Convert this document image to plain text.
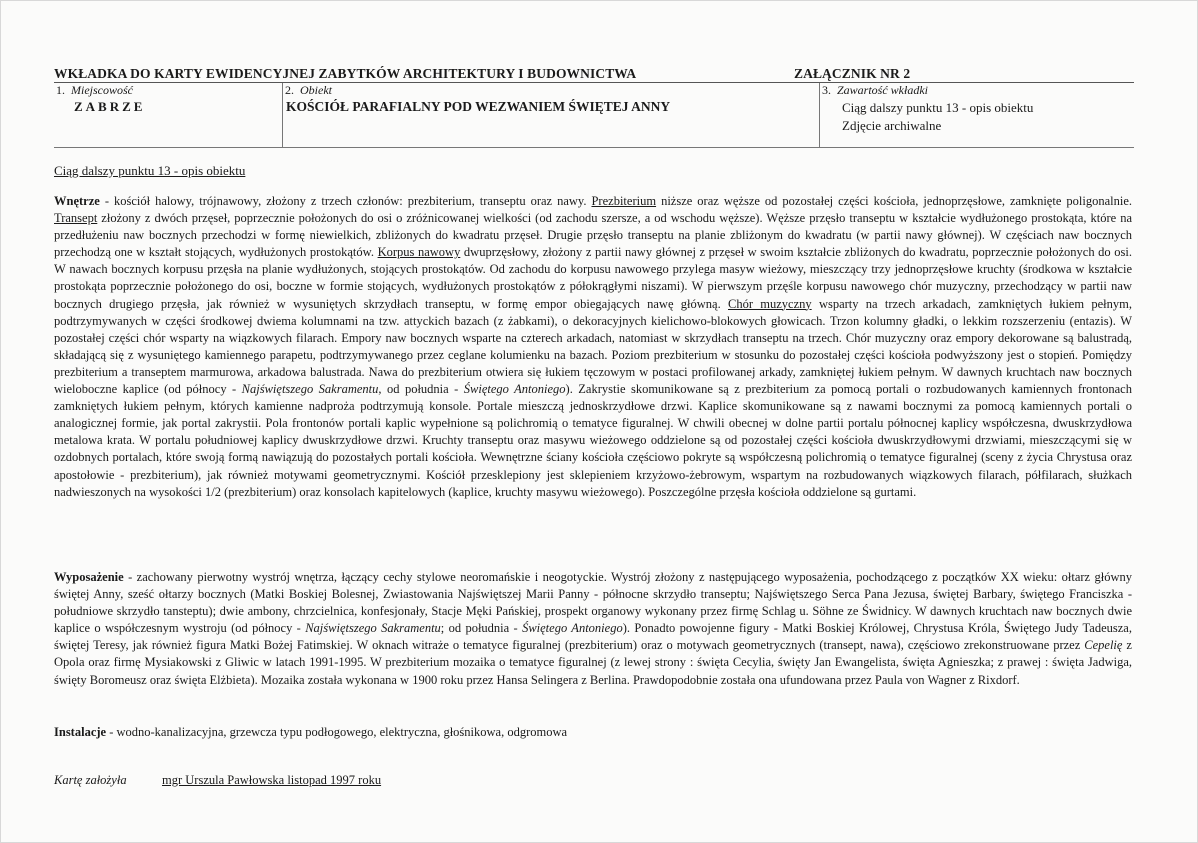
WKŁADKA DO KARTY EWIDENCYJNEJ ZABYTKÓW ARCHITEKTURY I BUDOWNICTWA	ZAŁĄCZNIK NR 2
1. Miejscowość
ZABRZE
2. Obiekt
KOŚCIÓŁ PARAFIALNY POD WEZWANIEM ŚWIĘTEJ ANNY
3. Zawartość wkładki
Ciąg dalszy punktu 13 - opis obiektu
Zdjęcie archiwalne
Ciąg dalszy punktu 13 - opis obiektu
Wnętrze - kościół halowy, trójnawowy, złożony z trzech członów: prezbiterium, transeptu oraz nawy. Prezbiterium niższe oraz węższe od pozostałej części kościoła, jednoprzęsłowe, zamknięte poligonalnie. Transept złożony z dwóch przęseł, poprzecznie położonych do osi o zróżnicowanej wielkości (od zachodu szersze, a od wschodu węższe). Węższe przęsło transeptu w kształcie wydłużonego prostokąta, które na przedłużeniu naw bocznych przechodzi w formę niewielkich, zbliżonych do kwadratu przęseł. Drugie przęsło transeptu na planie zbliżonym do kwadratu (w partii nawy głównej). W częściach naw bocznych przechodzą one w kształt stojących, wydłużonych prostokątów. Korpus nawowy dwuprzęsłowy, złożony z partii nawy głównej z przęseł w swoim kształcie zbliżonych do kwadratu, poprzecznie położonych do osi. W nawach bocznych korpusu przęsła na planie wydłużonych, stojących prostokątów. Od zachodu do korpusu nawowego przylega masyw wieżowy, mieszczący trzy jednoprzęsłowe kruchty (środkowa w kształcie prostokąta poprzecznie położonego do osi, boczne w formie stojących, wydłużonych prostokątów z półokrągłymi niszami). W pierwszym przęśle korpusu nawowego chór muzyczny, przechodzący w partii naw bocznych drugiego przęsła, jak również w wysuniętych skrzydłach transeptu, w formę empor obiegających nawę główną. Chór muzyczny wsparty na trzech arkadach, zamkniętych łukiem pełnym, podtrzymywanych w części środkowej dwiema kolumnami na tzw. attyckich bazach (z żabkami), o dekoracyjnych kielichowo-blokowych głowicach. Trzon kolumny gładki, o lekkim rozszerzeniu (entazis). W pozostałej części chór wsparty na wiązkowych filarach. Empory naw bocznych wsparte na czterech arkadach, natomiast w skrzydłach transeptu na trzech. Chór muzyczny oraz empory dekorowane są balustradą, składającą się z wysuniętego kamiennego parapetu, podtrzymywanego przez ceglane kolumienku na bazach. Poziom prezbiterium w stosunku do pozostałej części kościoła podwyższony jest o stopień. Pomiędzy prezbiterium a transeptem marmurowa, arkadowa balustrada. Nawa do prezbiterium otwiera się łukiem tęczowym w postaci profilowanej arkady, zamkniętej łukiem pełnym. W dawnych kruchtach naw bocznych wieloboczne kaplice (od północy - Najświętszego Sakramentu, od południa - Świętego Antoniego). Zakrystie skomunikowane są z prezbiterium za pomocą portali o rozbudowanych kamiennych frontonach zamkniętych łukiem pełnym, których kamienne nadproża podtrzymują konsole. Portale mieszczą jednoskrzydłowe drzwi. Kaplice skomunikowane są z nawami bocznymi za pomocą kamiennych portali o analogicznej formie, jak portal zakrystii. Pola frontonów portali kaplic wypełnione są polichromią o tematyce figuralnej. W chwili obecnej w dolne partii portalu północnej kaplicy współczesna, dwuskrzydłowa metalowa krata. W portalu południowej kaplicy dwuskrzydłowe drzwi. Kruchty transeptu oraz masywu wieżowego oddzielone są od pozostałej części kościoła dwuskrzydłowymi drzwiami, mieszczącymi się w ozdobnych portalach, które swoją formą nawiązują do pozostałych portali kościoła. Wewnętrzne ściany kościoła częściowo pokryte są współczesną polichromią o tematyce figuralnej (sceny z życia Chrystusa oraz apostołowie - prezbiterium), jak również motywami geometrycznymi. Kościół przesklepiony jest sklepieniem krzyżowo-żebrowym, wspartym na rozbudowanych wiązkowych filarach, półfilarach, służkach nadwieszonych na wysokości 1/2 (prezbiterium) oraz konsolach kapitelowych (kaplice, kruchty masywu wieżowego). Poszczególne przęsła kościoła oddzielone są gurtami.
Wyposażenie - zachowany pierwotny wystrój wnętrza, łączący cechy stylowe neoromańskie i neogotyckie. Wystrój złożony z następującego wyposażenia, pochodzącego z początków XX wieku: ołtarz główny świętej Anny, sześć ołtarzy bocznych (Matki Boskiej Bolesnej, Zwiastowania Najświętszej Marii Panny - północne skrzydło transeptu; Najświętszego Serca Pana Jezusa, świętej Barbary, świętego Franciszka - południowe skrzydło tansteptu); dwie ambony, chrzcielnica, konfesjonały, Stacje Męki Pańskiej, prospekt organowy wykonany przez firmę Schlag u. Söhne ze Świdnicy. W dawnych kruchtach naw bocznych dwie kaplice o współczesnym wystroju (od północy - Najświętszego Sakramentu; od południa - Świętego Antoniego). Ponadto powojenne figury - Matki Boskiej Królowej, Chrystusa Króla, Świętego Judy Tadeusza, świętej Teresy, jak również figura Matki Bożej Fatimskiej. W oknach witraże o tematyce figuralnej (prezbiterium) oraz o motywach geometrycznych (transept, nawa), częściowo zrekonstruowane przez Cepelię z Opola oraz firmę Mysiakowski z Gliwic w latach 1991-1995. W prezbiterium mozaika o tematyce figuralnej (z lewej strony : święta Cecylia, święty Jan Ewangelista, święta Agnieszka; z prawej : święta Jadwiga, święty Boromeusz oraz święta Elżbieta). Mozaika została wykonana w 1900 roku przez Hansa Selingera z Berlina. Prawdopodobnie została ona ufundowana przez Paula von Wagner z Rixdorf.
Instalacje - wodno-kanalizacyjna, grzewcza typu podłogowego, elektryczna, głośnikowa, odgromowa
Kartę założyła	mgr Urszula Pawłowska listopad 1997 roku
